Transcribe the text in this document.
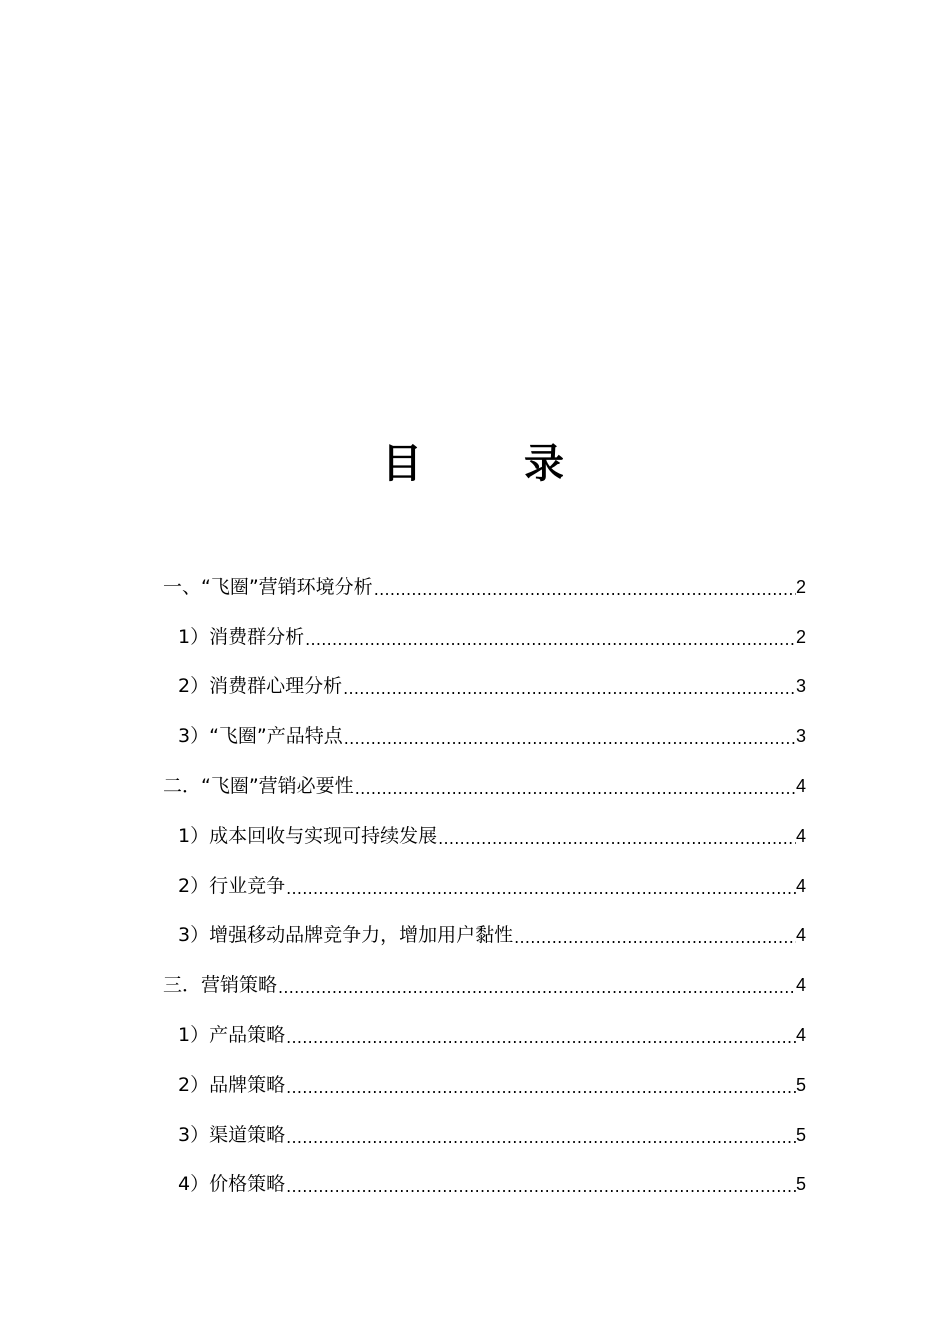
目 录
一、“飞圈”营销环境分析 .....	2
1）消费群分析 .....	2
2）消费群心理分析 .....	3
3）“飞圈”产品特点 .....	3
二．“飞圈”营销必要性 .....	4
1）成本回收与实现可持续发展 .....	4
2）行业竞争 .....	4
3）增强移动品牌竞争力，增加用户黏性 .....	4
三．营销策略 .....	4
1）产品策略 .....	4
2）品牌策略 .....	5
3）渠道策略 .....	5
4）价格策略 .....	5
